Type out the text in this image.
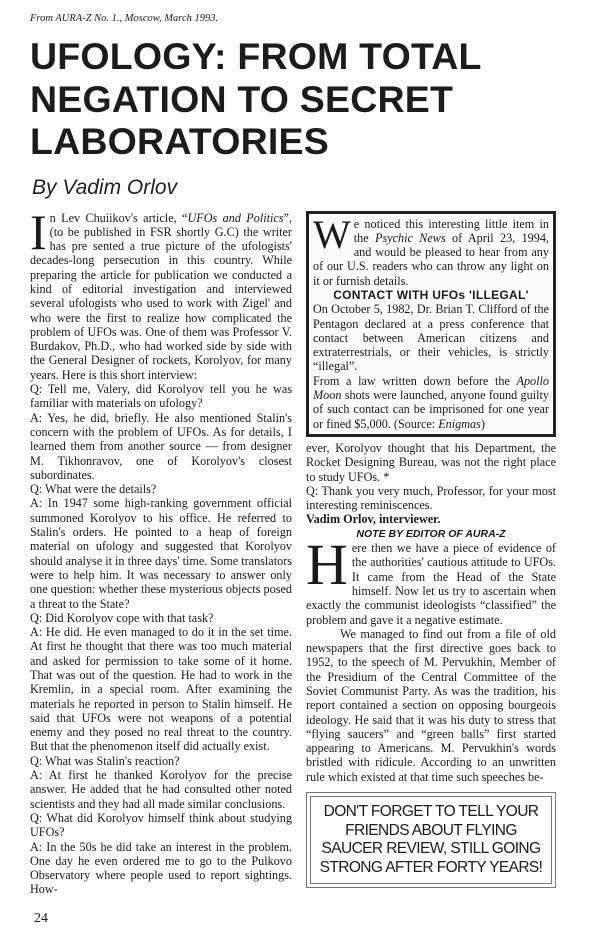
From AURA-Z No. 1., Moscow, March 1993.
UFOLOGY: FROM TOTAL NEGATION TO SECRET LABORATORIES
By Vadim Orlov

In Lev Chuiikov's article, “UFOs and Politics”, (to be published in FSR shortly G.C) the writer has pre sented a true picture of the ufologists' decades-long persecution in this country. While preparing the article for publication we conducted a kind of editorial investigation and interviewed several ufologists who used to work with Zigel' and who were the first to realize how complicated the problem of UFOs was. One of them was Professor V. Burdakov, Ph.D., who had worked side by side with the General Designer of rockets, Korolyov, for many years. Here is this short interview:

Q: Tell me, Valery, did Korolyov tell you he was familiar with materials on ufology?

A: Yes, he did, briefly. He also mentioned Stalin's concern with the problem of UFOs. As for details, I learned them from another source — from designer M. Tikhonravov, one of Korolyov's closest subordinates.

Q: What were the details?

A: In 1947 some high-ranking government official summoned Korolyov to his office. He referred to Stalin's orders. He pointed to a heap of foreign material on ufology and suggested that Korolyov should analyse it in three days' time. Some translators were to help him. It was necessary to answer only one question: whether these mysterious objects posed a threat to the State?

Q: Did Korolyov cope with that task?

A: He did. He even managed to do it in the set time. At first he thought that there was too much material and asked for permission to take some of it home. That was out of the question. He had to work in the Kremlin, in a special room. After examining the materials he reported in person to Stalin himself. He said that UFOs were not weapons of a potential enemy and they posed no real threat to the country. But that the phenomenon itself did actually exist.

Q: What was Stalin's reaction?

A: At first he thanked Korolyov for the precise answer. He added that he had consulted other noted scientists and they had all made similar conclusions.

Q: What did Korolyov himself think about studying UFOs?

A: In the 50s he did take an interest in the problem. One day he even ordered me to go to the Pulkovo Observatory where people used to report sightings. How-

24

We noticed this interesting little item in the Psychic News of April 23, 1994, and would be pleased to hear from any of our U.S. readers who can throw any light on it or furnish details.

CONTACT WITH UFOs 'ILLEGAL'

On October 5, 1982, Dr. Brian T. Clifford of the Pentagon declared at a press conference that contact between American citizens and extraterrestrials, or their vehicles, is strictly “illegal”.

From a law written down before the Apollo Moon shots were launched, anyone found guilty of such contact can be imprisoned for one year or fined $5,000. (Source: Enigmas)

ever, Korolyov thought that his Department, the Rocket Designing Bureau, was not the right place to study UFOs. *

Q: Thank you very much, Professor, for your most interesting reminiscences.

Vadim Orlov, interviewer.

NOTE BY EDITOR OF AURA-Z

Here then we have a piece of evidence of the authorities' cautious attitude to UFOs. It came from the Head of the State himself. Now let us try to ascertain when exactly the communist ideologists “classified” the problem and gave it a negative estimate.

We managed to find out from a file of old newspapers that the first directive goes back to 1952, to the speech of M. Pervukhin, Member of the Presidium of the Central Committee of the Soviet Communist Party. As was the tradition, his report contained a section on opposing bourgeois ideology. He said that it was his duty to stress that “flying saucers” and “green balls” first started appearing to Americans. M. Pervukhin's words bristled with ridicule. According to an unwritten rule which existed at that time such speeches be-

DON'T FORGET TO TELL YOUR
FRIENDS ABOUT FLYING
SAUCER REVIEW, STILL GOING
STRONG AFTER FORTY YEARS!
